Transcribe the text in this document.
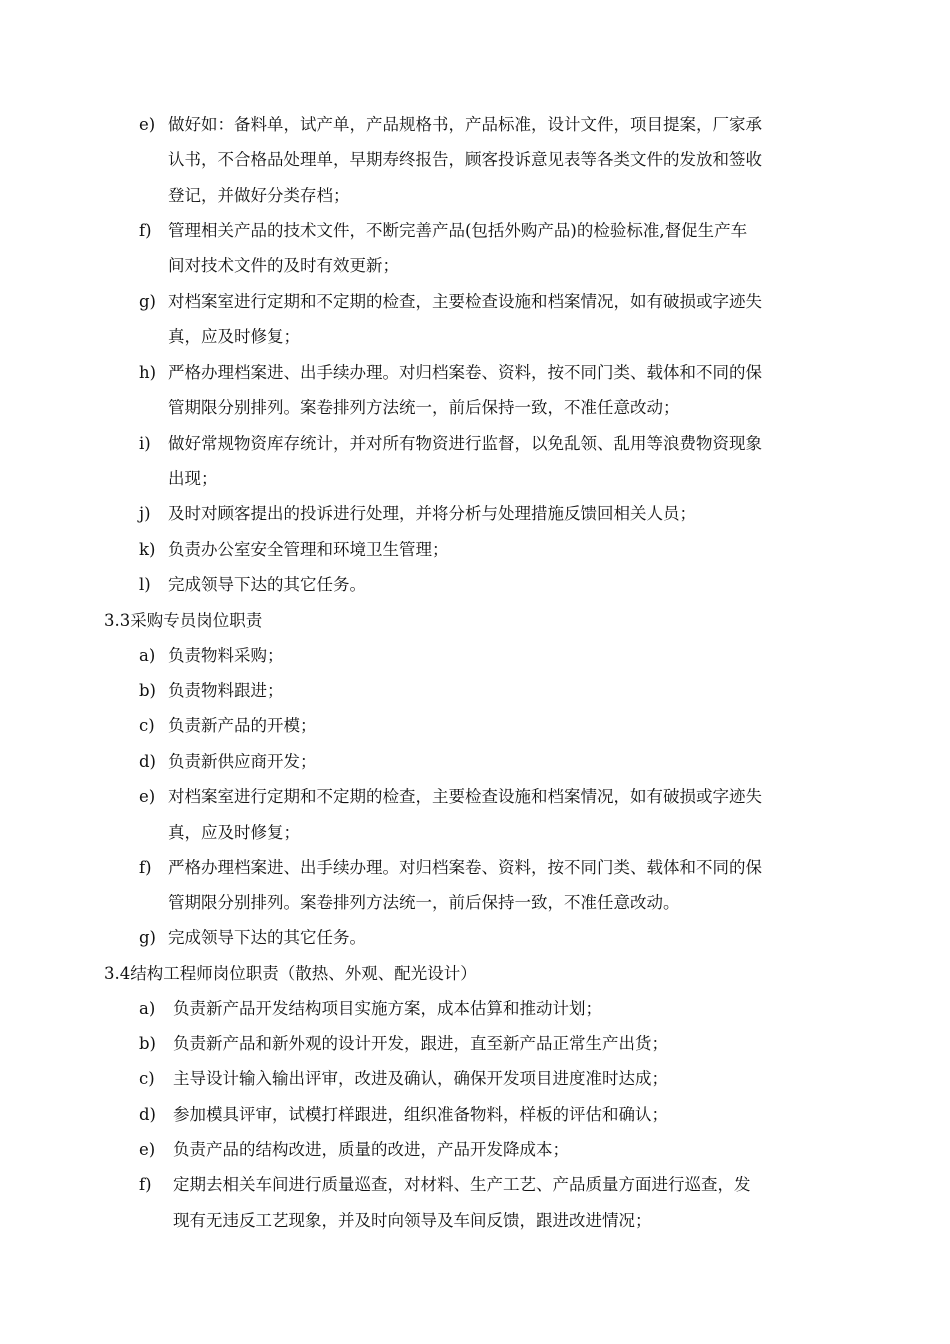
e) 做好如：备料单，试产单，产品规格书，产品标准，设计文件，项目提案，厂家承
认书，不合格品处理单，早期寿终报告，顾客投诉意见表等各类文件的发放和签收
登记，并做好分类存档；
f) 管理相关产品的技术文件，不断完善产品(包括外购产品)的检验标准,督促生产车
间对技术文件的及时有效更新；
g) 对档案室进行定期和不定期的检查，主要检查设施和档案情况，如有破损或字迹失
真，应及时修复；
h) 严格办理档案进、出手续办理。对归档案卷、资料，按不同门类、载体和不同的保
管期限分别排列。案卷排列方法统一，前后保持一致，不准任意改动；
i)	做好常规物资库存统计，并对所有物资进行监督，以免乱领、乱用等浪费物资现象
出现；
j)	及时对顾客提出的投诉进行处理，并将分析与处理措施反馈回相关人员；
k) 负责办公室安全管理和环境卫生管理；
l)	完成领导下达的其它任务。
3.3采购专员岗位职责
a) 负责物料采购；
b) 负责物料跟进；
c) 负责新产品的开模；
d) 负责新供应商开发；
e) 对档案室进行定期和不定期的检查，主要检查设施和档案情况，如有破损或字迹失
真，应及时修复；
f) 严格办理档案进、出手续办理。对归档案卷、资料，按不同门类、载体和不同的保
管期限分别排列。案卷排列方法统一，前后保持一致，不准任意改动。
g) 完成领导下达的其它任务。
3.4结构工程师岗位职责（散热、外观、配光设计）
a)	负责新产品开发结构项目实施方案，成本估算和推动计划；
b)	负责新产品和新外观的设计开发，跟进，直至新产品正常生产出货；
c)	主导设计输入输出评审，改进及确认，确保开发项目进度准时达成；
d)	参加模具评审，试模打样跟进，组织准备物料，样板的评估和确认；
e)	负责产品的结构改进，质量的改进，产品开发降成本；
f)	定期去相关车间进行质量巡查，对材料、生产工艺、产品质量方面进行巡查，发
现有无违反工艺现象，并及时向领导及车间反馈，跟进改进情况；
